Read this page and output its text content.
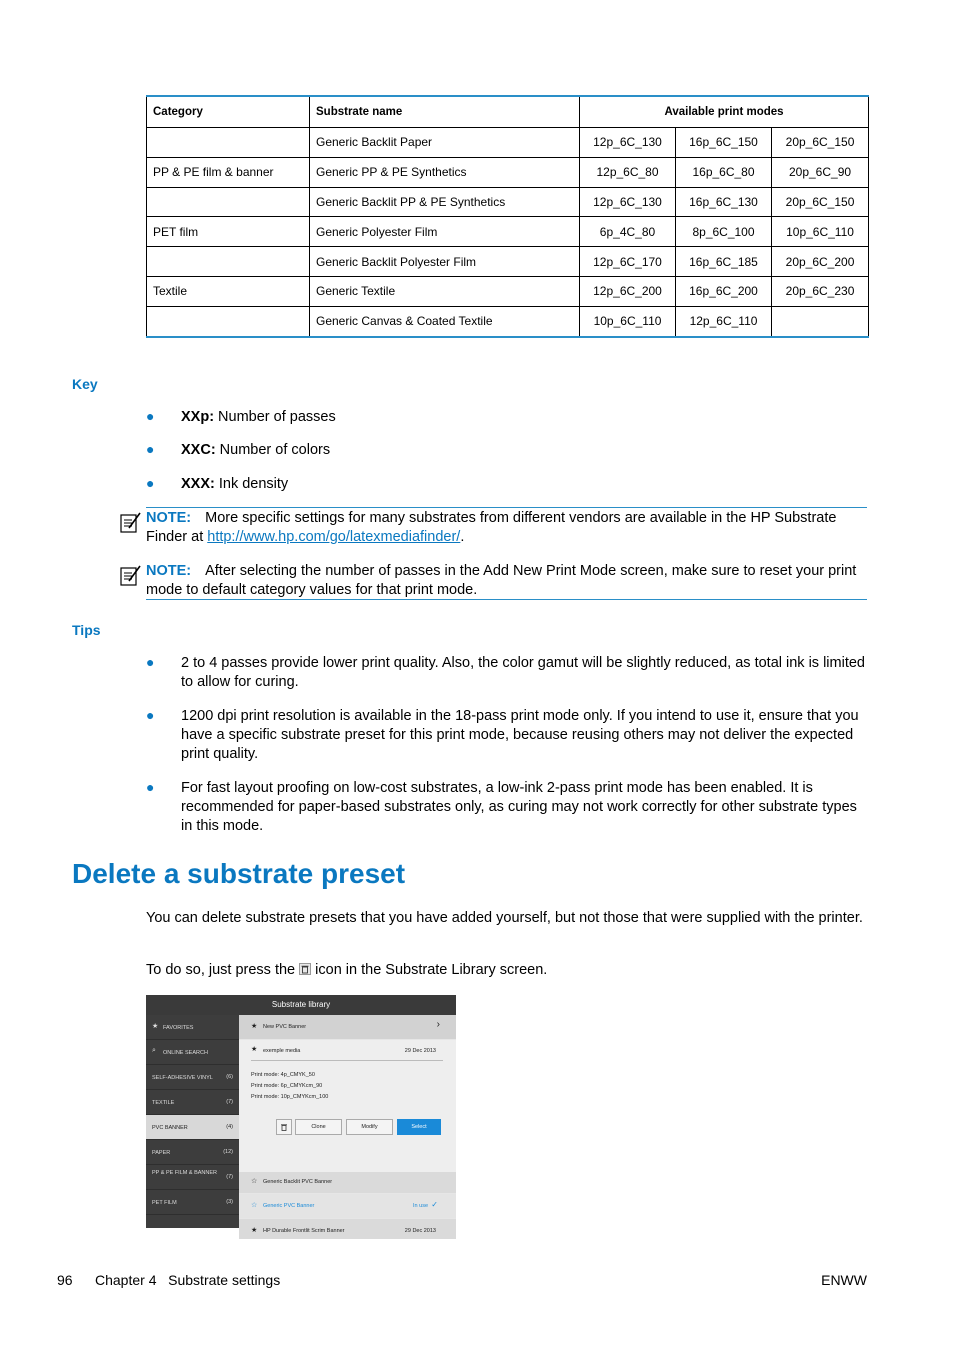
Category	Substrate name	Available print modes		
	Generic Backlit Paper	12p_6C_130	16p_6C_150	20p_6C_150
PP & PE film & banner	Generic PP & PE Synthetics	12p_6C_80	16p_6C_80	20p_6C_90
	Generic Backlit PP & PE Synthetics	12p_6C_130	16p_6C_130	20p_6C_150
PET film	Generic Polyester Film	6p_4C_80	8p_6C_100	10p_6C_110
	Generic Backlit Polyester Film	12p_6C_170	16p_6C_185	20p_6C_200
Textile	Generic Textile	12p_6C_200	16p_6C_200	20p_6C_230
	Generic Canvas & Coated Textile	10p_6C_110	12p_6C_110	
Key
● XXp: Number of passes
● XXC: Number of colors
● XXX: Ink density
NOTE: More specific settings for many substrates from different vendors are available in the HP Substrate Finder at http://www.hp.com/go/latexmediafinder/.
NOTE: After selecting the number of passes in the Add New Print Mode screen, make sure to reset your print mode to default category values for that print mode.
Tips
● 2 to 4 passes provide lower print quality. Also, the color gamut will be slightly reduced, as total ink is limited to allow for curing.
● 1200 dpi print resolution is available in the 18-pass print mode only. If you intend to use it, ensure that you have a specific substrate preset for this print mode, because reusing others may not deliver the expected print quality.
● For fast layout proofing on low-cost substrates, a low-ink 2-pass print mode has been enabled. It is recommended for paper-based substrates only, as curing may not work correctly for other substrate types in this mode.
Delete a substrate preset
You can delete substrate presets that you have added yourself, but not those that were supplied with the printer.
To do so, just press the  icon in the Substrate Library screen.
Substrate library
★ FAVORITES
⌕ ONLINE SEARCH
SELF-ADHESIVE VINYL	(6)
TEXTILE	(7)
PVC BANNER	(4)
PAPER	(12)
PP & PE FILM & BANNER
(7)
PET FILM	(3)
★ New PVC Banner	›
★ exemple media	29 Dec 2013
Print mode: 4p_CMYK_50
Print mode: 6p_CMYKcm_90
Print mode: 10p_CMYKcm_100
Clone	Modify	Select
☆ Generic Backlit PVC Banner
☆ Generic PVC Banner	In use ✓
★ HP Durable Frontlit Scrim Banner	29 Dec 2013
96 Chapter 4   Substrate settings	ENWW
